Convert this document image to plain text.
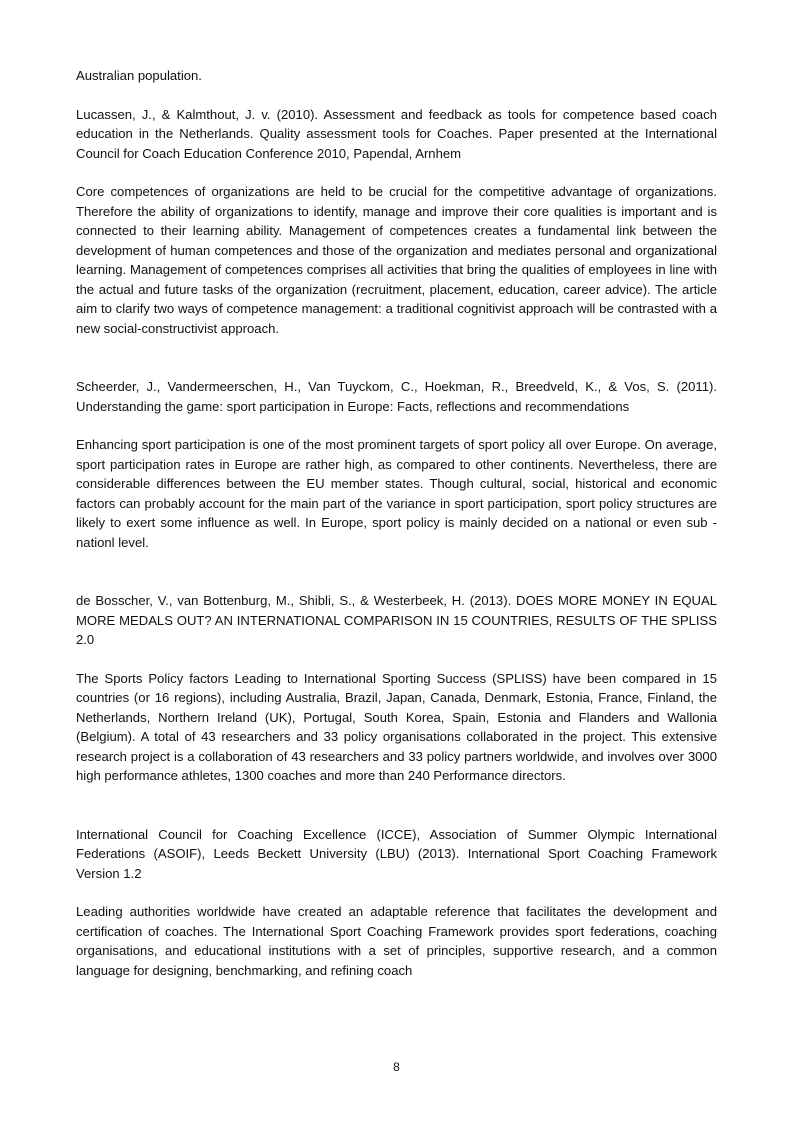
Australian population.

Lucassen, J., & Kalmthout, J. v. (2010). Assessment and feedback as tools for competence based coach education in the Netherlands. Quality assessment tools for Coaches. Paper presented at the International Council for Coach Education Conference 2010, Papendal, Arnhem

Core competences of organizations are held to be crucial for the competitive advantage of organizations. Therefore the ability of organizations to identify, manage and improve their core qualities is important and is connected to their learning ability. Management of competences creates a fundamental link between the development of human competences and those of the organization and mediates personal and organizational learning. Management of competences comprises all activities that bring the qualities of employees in line with the actual and future tasks of the organization (recruitment, placement, education, career advice). The article aim to clarify two ways of competence management: a traditional cognitivist approach will be contrasted with a new social-constructivist approach.

Scheerder, J., Vandermeerschen, H., Van Tuyckom, C., Hoekman, R., Breedveld, K., & Vos, S. (2011). Understanding the game: sport participation in Europe: Facts, reflections and recommendations

Enhancing sport participation is one of the most prominent targets of sport policy all over Europe. On average, sport participation rates in Europe are rather high, as compared to other continents. Nevertheless, there are considerable differences between the EU member states. Though cultural, social, historical and economic factors can probably account for the main part of the variance in sport participation, sport policy structures are likely to exert some influence as well. In Europe, sport policy is mainly decided on a national or even sub -nationl level.

de Bosscher, V., van Bottenburg, M., Shibli, S., & Westerbeek, H. (2013). DOES MORE MONEY IN EQUAL MORE MEDALS OUT? AN INTERNATIONAL COMPARISON IN 15 COUNTRIES, RESULTS OF THE SPLISS 2.0

The Sports Policy factors Leading to International Sporting Success (SPLISS) have been compared in 15 countries (or 16 regions), including Australia, Brazil, Japan, Canada, Denmark, Estonia, France, Finland, the Netherlands, Northern Ireland (UK), Portugal, South Korea, Spain, Estonia and Flanders and Wallonia (Belgium). A total of 43 researchers and 33 policy organisations collaborated in the project. This extensive research project is a collaboration of 43 researchers and 33 policy partners worldwide, and involves over 3000 high performance athletes, 1300 coaches and more than 240 Performance directors.

International Council for Coaching Excellence (ICCE), Association of Summer Olympic International Federations (ASOIF), Leeds Beckett University (LBU) (2013). International Sport Coaching Framework Version 1.2

Leading authorities worldwide have created an adaptable reference that facilitates the development and certification of coaches. The International Sport Coaching Framework provides sport federations, coaching organisations, and educational institutions with a set of principles, supportive research, and a common language for designing, benchmarking, and refining coach

8
